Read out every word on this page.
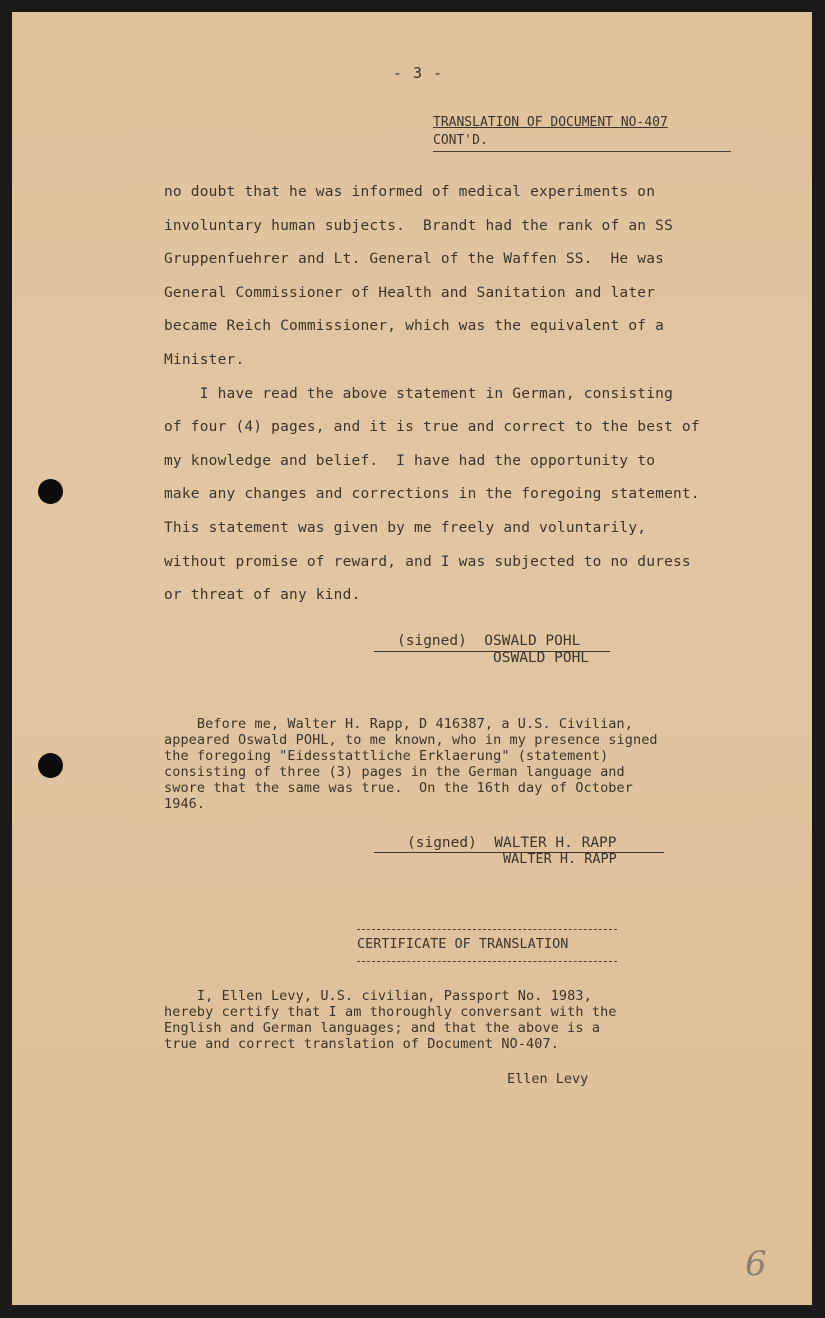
- 3 -

TRANSLATION OF DOCUMENT NO-407

CONT'D.

no doubt that he was informed of medical experiments on
involuntary human subjects.  Brandt had the rank of an SS
Gruppenfuehrer and Lt. General of the Waffen SS.  He was
General Commissioner of Health and Sanitation and later
became Reich Commissioner, which was the equivalent of a
Minister.
I have read the above statement in German, consisting
of four (4) pages, and it is true and correct to the best of
my knowledge and belief.  I have had the opportunity to
make any changes and corrections in the foregoing statement.
This statement was given by me freely and voluntarily,
without promise of reward, and I was subjected to no duress
or threat of any kind.

(signed)  OSWALD POHL

OSWALD POHL

Before me, Walter H. Rapp, D 416387, a U.S. Civilian,
appeared Oswald POHL, to me known, who in my presence signed
the foregoing "Eidesstattliche Erklaerung" (statement)
consisting of three (3) pages in the German language and
swore that the same was true.  On the 16th day of October
1946.

(signed)  WALTER H. RAPP

WALTER H. RAPP

CERTIFICATE OF TRANSLATION

I, Ellen Levy, U.S. civilian, Passport No. 1983,
hereby certify that I am thoroughly conversant with the
English and German languages; and that the above is a
true and correct translation of Document NO-407.

Ellen Levy

6
